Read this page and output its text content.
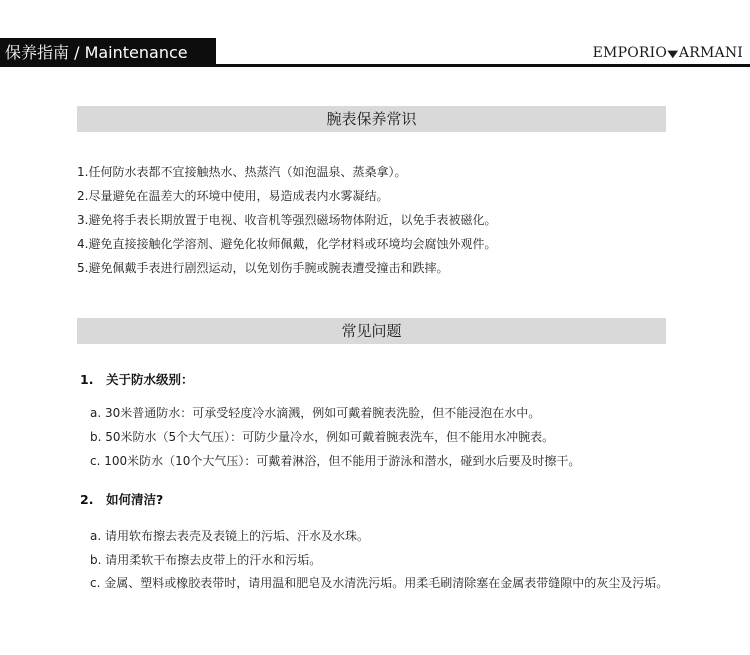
保养指南 / Maintenance	EMPORIO▼ARMANI
腕表保养常识
1.任何防水表都不宜接触热水、热蒸汽（如泡温泉、蒸桑拿）。
2.尽量避免在温差大的环境中使用，易造成表内水雾凝结。
3.避免将手表长期放置于电视、收音机等强烈磁场物体附近，以免手表被磁化。
4.避免直接接触化学溶剂、避免化妆师佩戴，化学材料或环境均会腐蚀外观件。
5.避免佩戴手表进行剧烈运动，以免划伤手腕或腕表遭受撞击和跌摔。
常见问题
1. 关于防水级别：
a. 30米普通防水：可承受轻度冷水滴溅，例如可戴着腕表洗脸，但不能浸泡在水中。
b. 50米防水（5个大气压）：可防少量冷水，例如可戴着腕表洗车，但不能用水冲腕表。
c. 100米防水（10个大气压）：可戴着淋浴，但不能用于游泳和潜水，碰到水后要及时擦干。
2. 如何清洁?
a. 请用软布擦去表壳及表镜上的污垢、汗水及水珠。
b. 请用柔软干布擦去皮带上的汗水和污垢。
c. 金属、塑料或橡胶表带时，请用温和肥皂及水清洗污垢。用柔毛刷清除塞在金属表带缝隙中的灰尘及污垢。
